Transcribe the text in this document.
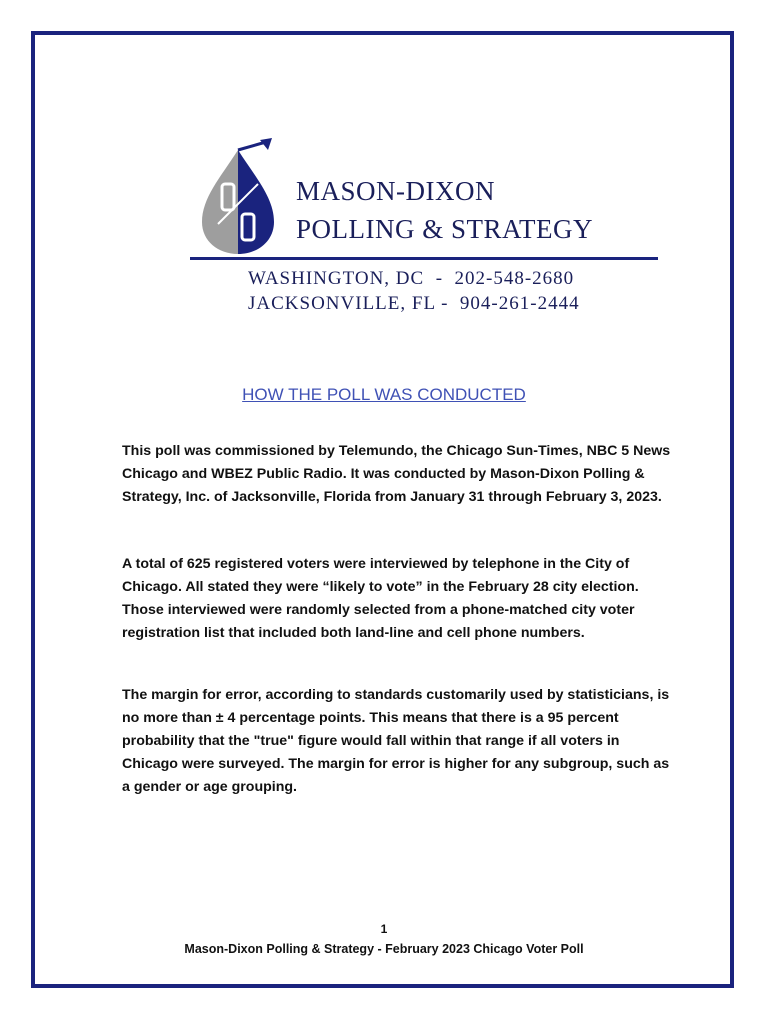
MASON-DIXON
POLLING & STRATEGY
WASHINGTON, DC  -  202-548-2680
JACKSONVILLE, FL -  904-261-2444
HOW THE POLL WAS CONDUCTED
This poll was commissioned by Telemundo, the Chicago Sun-Times, NBC 5 News Chicago and WBEZ Public Radio. It was conducted by Mason-Dixon Polling & Strategy, Inc. of Jacksonville, Florida from January 31 through February 3, 2023.
A total of 625 registered voters were interviewed by telephone in the City of Chicago. All stated they were “likely to vote” in the February 28 city election. Those interviewed were randomly selected from a phone-matched city voter registration list that included both land-line and cell phone numbers.
The margin for error, according to standards customarily used by statisticians, is no more than ± 4 percentage points. This means that there is a 95 percent probability that the "true" figure would fall within that range if all voters in Chicago were surveyed. The margin for error is higher for any subgroup, such as a gender or age grouping.
1
Mason-Dixon Polling & Strategy - February 2023 Chicago Voter Poll
